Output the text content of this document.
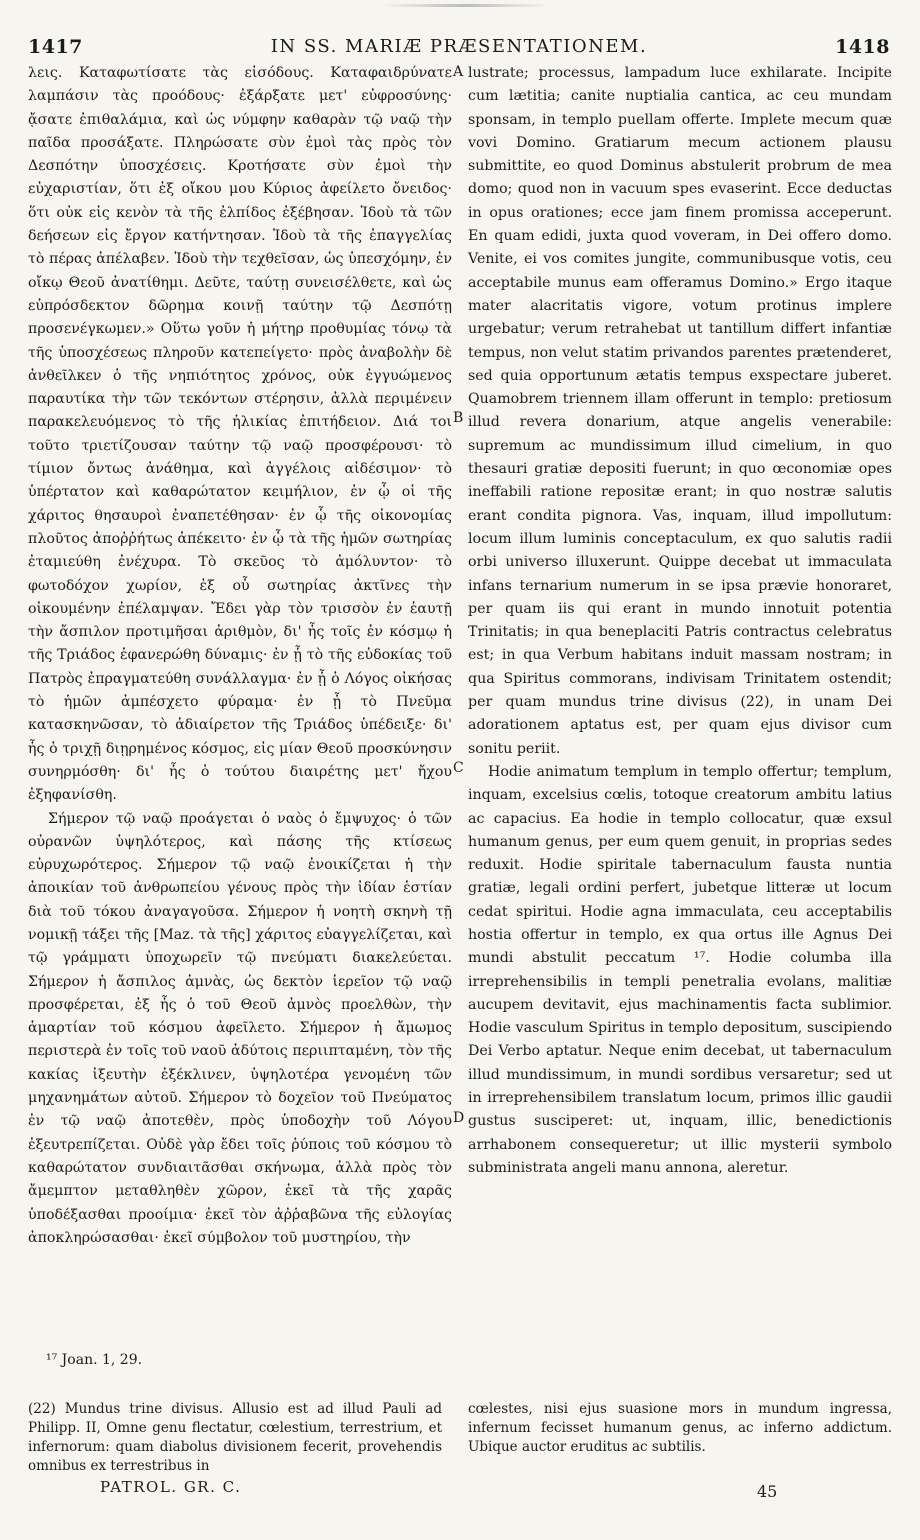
1417	IN SS. MARIÆ PRÆSENTATIONEM.	1418

λεις. Καταφωτίσατε τὰς εἰσόδους. Καταφαιδρύνατε λαμπάσιν τὰς προόδους· ἐξάρξατε μετ' εὐφροσύνης· ᾄσατε ἐπιθαλάμια, καὶ ὡς νύμφην καθαρὰν τῷ ναῷ τὴν παῖδα προσάξατε. Πληρώσατε σὺν ἐμοὶ τὰς πρὸς τὸν Δεσπότην ὑποσχέσεις. Κροτήσατε σὺν ἐμοὶ τὴν εὐχαριστίαν, ὅτι ἐξ οἴκου μου Κύριος ἀφείλετο ὄνειδος· ὅτι οὐκ εἰς κενὸν τὰ τῆς ἐλπίδος ἐξέβησαν. Ἰδοὺ τὰ τῶν δεήσεων εἰς ἔργον κατήντησαν. Ἰδοὺ τὰ τῆς ἐπαγγελίας τὸ πέρας ἀπέλαβεν. Ἰδοὺ τὴν τεχθεῖσαν, ὡς ὑπεσχόμην, ἐν οἴκῳ Θεοῦ ἀνατίθημι. Δεῦτε, ταύτῃ συνεισέλθετε, καὶ ὡς εὐπρόσδεκτον δῶρημα κοινῇ ταύτην τῷ Δεσπότῃ προσενέγκωμεν.» Οὕτω γοῦν ἡ μήτηρ προθυμίας τόνῳ τὰ τῆς ὑποσχέσεως πληροῦν κατεπείγετο· πρὸς ἀναβολὴν δὲ ἀνθεῖλκεν ὁ τῆς νηπιότητος χρόνος, οὐκ ἐγγυώμενος παραυτίκα τὴν τῶν τεκόντων στέρησιν, ἀλλὰ περιμένειν παρακελευόμενος τὸ τῆς ἡλικίας ἐπιτήδειον. Διά τοι τοῦτο τριετίζουσαν ταύτην τῷ ναῷ προσφέρουσι· τὸ τίμιον ὄντως ἀνάθημα, καὶ ἀγγέλοις αἰδέσιμον· τὸ ὑπέρτατον καὶ καθαρώτατον κειμήλιον, ἐν ᾧ οἱ τῆς χάριτος θησαυροὶ ἐναπετέθησαν· ἐν ᾧ τῆς οἰκονομίας πλοῦτος ἀποῤῥήτως ἀπέκειτο· ἐν ᾧ τὰ τῆς ἡμῶν σωτηρίας ἐταμιεύθη ἐνέχυρα. Τὸ σκεῦος τὸ ἀμόλυντον· τὸ φωτοδόχον χωρίον, ἐξ οὗ σωτηρίας ἀκτῖνες τὴν οἰκουμένην ἐπέλαμψαν. Ἔδει γὰρ τὸν τρισσὸν ἐν ἑαυτῇ τὴν ἄσπιλον προτιμῆσαι ἀριθμὸν, δι' ἧς τοῖς ἐν κόσμῳ ἡ τῆς Τριάδος ἐφανερώθη δύναμις· ἐν ᾗ τὸ τῆς εὐδοκίας τοῦ Πατρὸς ἐπραγματεύθη συνάλλαγμα· ἐν ᾗ ὁ Λόγος οἰκήσας τὸ ἡμῶν ἀμπέσχετο φύραμα· ἐν ᾗ τὸ Πνεῦμα κατασκηνῶσαν, τὸ ἀδιαίρετον τῆς Τριάδος ὑπέδειξε· δι' ἧς ὁ τριχῇ διῃρημένος κόσμος, εἰς μίαν Θεοῦ προσκύνησιν συνηρμόσθη· δι' ἧς ὁ τούτου διαιρέτης μετ' ἤχου ἐξηφανίσθη.

Σήμερον τῷ ναῷ προάγεται ὁ ναὸς ὁ ἔμψυχος· ὁ τῶν οὐρανῶν ὑψηλότερος, καὶ πάσης τῆς κτίσεως εὐρυχωρότερος. Σήμερον τῷ ναῷ ἐνοικίζεται ἡ τὴν ἀποικίαν τοῦ ἀνθρωπείου γένους πρὸς τὴν ἰδίαν ἑστίαν διὰ τοῦ τόκου ἀναγαγοῦσα. Σήμερον ἡ νοητὴ σκηνὴ τῇ νομικῇ τάξει τῆς [Maz. τὰ τῆς] χάριτος εὐαγγελίζεται, καὶ τῷ γράμματι ὑποχωρεῖν τῷ πνεύματι διακελεύεται. Σήμερον ἡ ἄσπιλος ἀμνὰς, ὡς δεκτὸν ἱερεῖον τῷ ναῷ προσφέρεται, ἐξ ἧς ὁ τοῦ Θεοῦ ἀμνὸς προελθὼν, τὴν ἁμαρτίαν τοῦ κόσμου ἀφεῖλετο. Σήμερον ἡ ἄμωμος περιστερὰ ἐν τοῖς τοῦ ναοῦ ἀδύτοις περιιπταμένη, τὸν τῆς κακίας ἰξευτὴν ἐξέκλινεν, ὑψηλοτέρα γενομένη τῶν μηχανημάτων αὐτοῦ. Σήμερον τὸ δοχεῖον τοῦ Πνεύματος ἐν τῷ ναῷ ἀποτεθὲν, πρὸς ὑποδοχὴν τοῦ Λόγου ἐξευτρεπίζεται. Οὐδὲ γὰρ ἔδει τοῖς ῥύποις τοῦ κόσμου τὸ καθαρώτατον συνδιαιτᾶσθαι σκήνωμα, ἀλλὰ πρὸς τὸν ἄμεμπτον μεταθληθὲν χῶρον, ἐκεῖ τὰ τῆς χαρᾶς ὑποδέξασθαι προοίμια· ἐκεῖ τὸν ἀῤῥαβῶνα τῆς εὐλογίας ἀποκληρώσασθαι· ἐκεῖ σύμβολον τοῦ μυστηρίου, τὴν

A
B
C
D

lustrate; processus, lampadum luce exhilarate. Incipite cum lætitia; canite nuptialia cantica, ac ceu mundam sponsam, in templo puellam offerte. Implete mecum quæ vovi Domino. Gratiarum mecum actionem plausu submittite, eo quod Dominus abstulerit probrum de mea domo; quod non in vacuum spes evaserint. Ecce deductas in opus orationes; ecce jam finem promissa acceperunt. En quam edidi, juxta quod voveram, in Dei offero domo. Venite, ei vos comites jungite, communibusque votis, ceu acceptabile munus eam offeramus Domino.» Ergo itaque mater alacritatis vigore, votum protinus implere urgebatur; verum retrahebat ut tantillum differt infantiæ tempus, non velut statim privandos parentes prætenderet, sed quia opportunum ætatis tempus exspectare juberet. Quamobrem triennem illam offerunt in templo: pretiosum illud revera donarium, atque angelis venerabile: supremum ac mundissimum illud cimelium, in quo thesauri gratiæ depositi fuerunt; in quo œconomiæ opes ineffabili ratione repositæ erant; in quo nostræ salutis erant condita pignora. Vas, inquam, illud impollutum: locum illum luminis conceptaculum, ex quo salutis radii orbi universo illuxerunt. Quippe decebat ut immaculata infans ternarium numerum in se ipsa prævie honoraret, per quam iis qui erant in mundo innotuit potentia Trinitatis; in qua beneplaciti Patris contractus celebratus est; in qua Verbum habitans induit massam nostram; in qua Spiritus commorans, indivisam Trinitatem ostendit; per quam mundus trine divisus (22), in unam Dei adorationem aptatus est, per quam ejus divisor cum sonitu periit.

Hodie animatum templum in templo offertur; templum, inquam, excelsius cœlis, totoque creatorum ambitu latius ac capacius. Ea hodie in templo collocatur, quæ exsul humanum genus, per eum quem genuit, in proprias sedes reduxit. Hodie spiritale tabernaculum fausta nuntia gratiæ, legali ordini perfert, jubetque litteræ ut locum cedat spiritui. Hodie agna immaculata, ceu acceptabilis hostia offertur in templo, ex qua ortus ille Agnus Dei mundi abstulit peccatum ¹⁷. Hodie columba illa irreprehensibilis in templi penetralia evolans, malitiæ aucupem devitavit, ejus machinamentis facta sublimior. Hodie vasculum Spiritus in templo depositum, suscipiendo Dei Verbo aptatur. Neque enim decebat, ut tabernaculum illud mundissimum, in mundi sordibus versaretur; sed ut in irreprehensibilem translatum locum, primos illic gaudii gustus susciperet: ut, inquam, illic, benedictionis arrhabonem consequeretur; ut illic mysterii symbolo subministrata angeli manu annona, aleretur.

¹⁷ Joan. 1, 29.
(22) Mundus trine divisus. Allusio est ad illud Pauli ad Philipp. II, Omne genu flectatur, cœlestium, terrestrium, et infernorum: quam diabolus divisionem fecerit, provehendis omnibus ex terrestribus in
cœlestes, nisi ejus suasione mors in mundum ingressa, infernum fecisset humanum genus, ac inferno addictum. Ubique auctor eruditus ac subtilis.
PATROL. GR. C.	45
